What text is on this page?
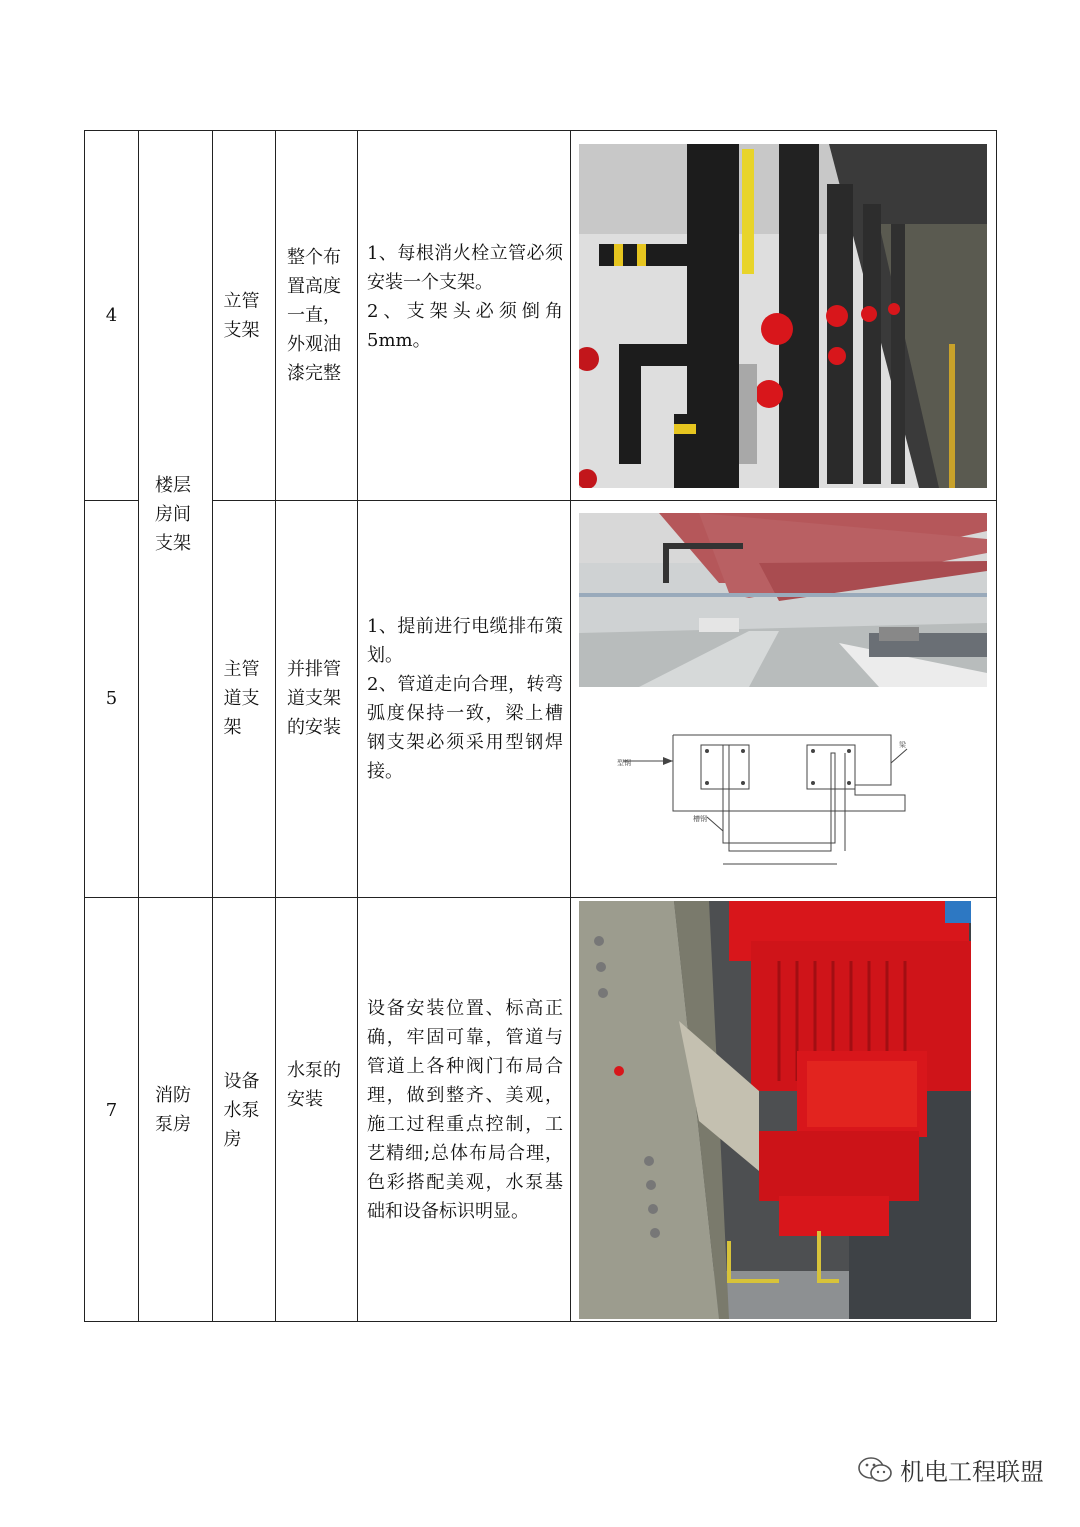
4
立管支架
整个布置高度一直，外观油漆完整
1、每根消火栓立管必须安装一个支架。
2、支架头必须倒角5mm。
楼层房间支架
5
主管道支架
并排管道支架的安装
1、提前进行电缆排布策划。
2、管道走向合理，转弯弧度保持一致，梁上槽钢支架必须采用型钢焊接。	型钢
梁
槽钢
7
消防泵房
设备水泵房
水泵的安装
设备安装位置、标高正确，牢固可靠，管道与管道上各种阀门布局合理，做到整齐、美观，施工过程重点控制，工艺精细;总体布局合理，色彩搭配美观，水泵基础和设备标识明显。
机电工程联盟
